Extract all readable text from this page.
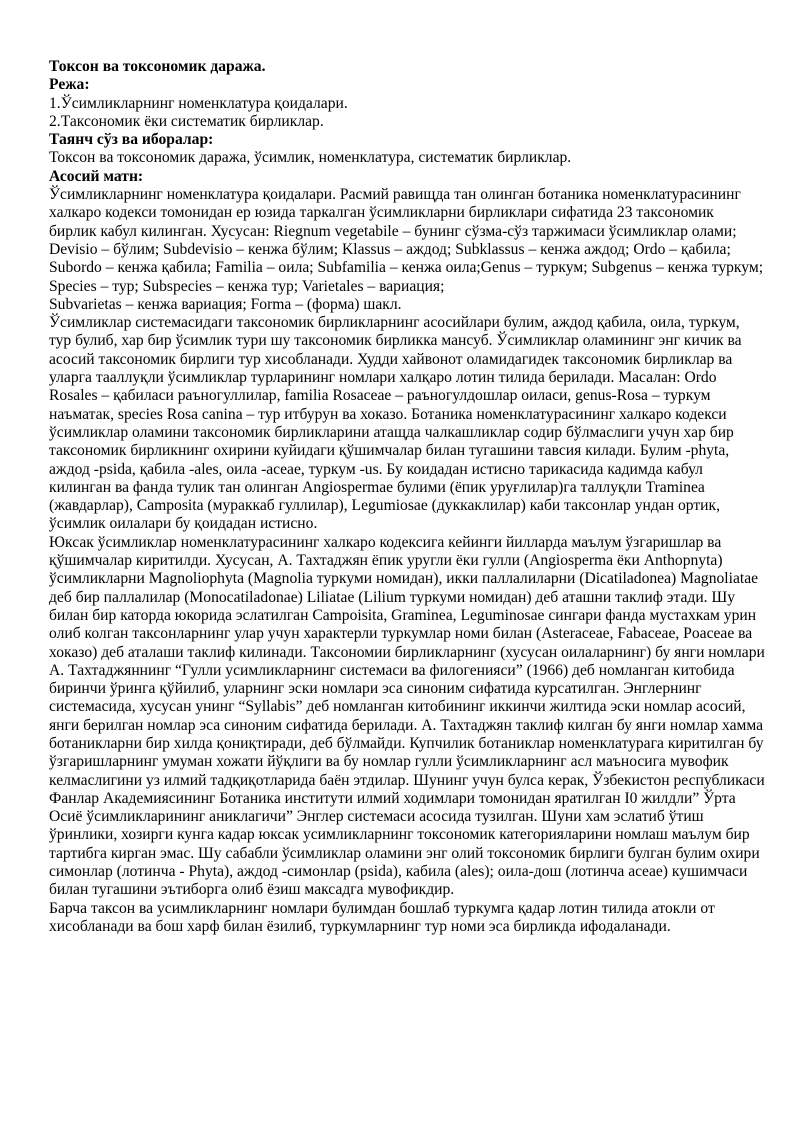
Токсон ва токсономик даража.

Режа:

1.Ўсимликларнинг номенклатура қоидалари.

2.Таксономик ёки систематик бирликлар.

Таянч сўз ва иборалар:

Токсон ва токсономик даража, ўсимлик, номенклатура, систематик бирликлар.

Асосий матн:

Ўсимликларнинг номенклатура қоидалари. Расмий равищда тан олинган ботаника номенклатурасининг халкаро кодекси томонидан ер юзида таркалган ўсимликларни бирликлари сифатида 23 таксономик бирлик кабул килинган. Хусусан: Riegnum vegetabile – бунинг сўзма-сўз таржимаси ўсимликлар олами; Devisio – бўлим; Subdevisio – кенжа бўлим; Klassus – аждод; Subklassus – кенжа аждод; Ordo – қабила; Subordo – кенжа қабила; Familia – оила; Subfamilia – кенжа оила;Genus – туркум; Subgenus – кенжа туркум; Species – тур; Subspecies – кенжа тур; Varietales – вариация;

Subvarietas – кенжа вариация; Forma – (форма) шакл.

Ўсимликлар системасидаги таксономик бирликларнинг асосийлари булим, аждод қабила, оила, туркум, тур булиб, хар бир ўсимлик тури шу таксономик бирликка мансуб. Ўсимликлар оламининг энг кичик ва асосий таксономик бирлиги тур хисобланади. Худди хайвонот оламидагидек таксономик бирликлар ва уларга тааллуқли ўсимликлар турларининг номлари халқаро лотин тилида берилади. Масалан: Ordo Rosales – қабиласи раъногуллилар, familia Rosaceae – раъногулдошлар оиласи, genus-Rosa – туркум наъматак, species Rosa canina – тур итбурун ва хоказо. Ботаника номенклатурасининг халкаро кодекси ўсимликлар оламини таксономик бирликларини атащда чалкашликлар содир бўлмаслиги учун хар бир таксономик бирликнинг охирини куйидаги қўшимчалар билан тугашини тавсия килади. Булим -phyta, аждод -psida, қабила -ales, оила -aceae, туркум -us. Бу коидадан истисно тарикасида кадимда кабул килинган ва фанда тулик тан олинган Angiospermae булими (ёпик уруғлилар)га таллуқли Traminea (жавдарлар), Camposita (мураккаб гуллилар), Legumiosae (дуккаклилар) каби таксонлар ундан ортик, ўсимлик оилалари бу қоидадан истисно.

Юксак ўсимликлар номенклатурасининг халкаро кодексига кейинги йилларда маълум ўзгаришлар ва қўшимчалар киритилди. Хусусан, А. Тахтаджян ёпик уругли ёки гулли (Angiosperma ёки Anthopnyta) ўсимликларни Magnoliophyta (Magnolia туркуми номидан), икки паллалиларни (Dicatiladonea) Magnoliatae деб бир паллалилар (Monocatiladonae) Liliatae (Lilium туркуми номидан) деб аташни таклиф этади. Шу билан бир каторда юкорида эслатилган Campoisita, Graminea, Leguminosae сингари фанда мустахкам урин олиб колган таксонларнинг улар учун характерли туркумлар номи билан (Asteraceae, Fabaceae, Poaceae ва хоказо) деб аталаши таклиф килинади. Таксономии бирликларнинг (хусусан оилаларнинг) бу янги номлари А. Тахтаджяннинг “Гулли усимликларнинг системаси ва филогенияси” (1966) деб номланган китобида биринчи ўринга қўйилиб, уларнинг эски номлари эса синоним сифатида курсатилган. Энглернинг системасида, хусусан унинг “Syllabis” деб номланган китобининг иккинчи жилтида эски номлар асосий, янги берилган номлар эса синоним сифатида берилади. А. Тахтаджян таклиф килган бу янги номлар хамма ботаникларни бир хилда қониқтиради, деб бўлмайди. Купчилик ботаниклар номенклатурага киритилган бу ўзгаришларнинг умуман хожати йўқлиги ва бу номлар гулли ўсимликларнинг асл маъносига мувофик келмаслигини уз илмий тадқиқотларида баён этдилар. Шунинг учун булса керак, Ўзбекистон республикаси Фанлар Академиясининг Ботаника институти илмий ходимлари томонидан яратилган I0 жилдли” Ўрта Осиё ўсимликларининг аниклагичи” Энглер системаси асосида тузилган. Шуни хам эслатиб ўтиш ўринлики, хозирги кунга кадар юксак усимликларнинг токсономик категорияларини номлаш маълум бир тартибга кирган эмас. Шу сабабли ўсимликлар оламини энг олий токсономик бирлиги булган булим охири симонлар (лотинча - Phyta), аждод -симонлар (psida), кабила (ales); оила-дош (лотинча aceae) кушимчаси билан тугашини эътиборга олиб ёзиш максадга мувофикдир.

Барча таксон ва усимликларнинг номлари булимдан бошлаб туркумга қадар лотин тилида атокли от хисобланади ва бош харф билан ёзилиб, туркумларнинг тур номи эса бирликда ифодаланади.
